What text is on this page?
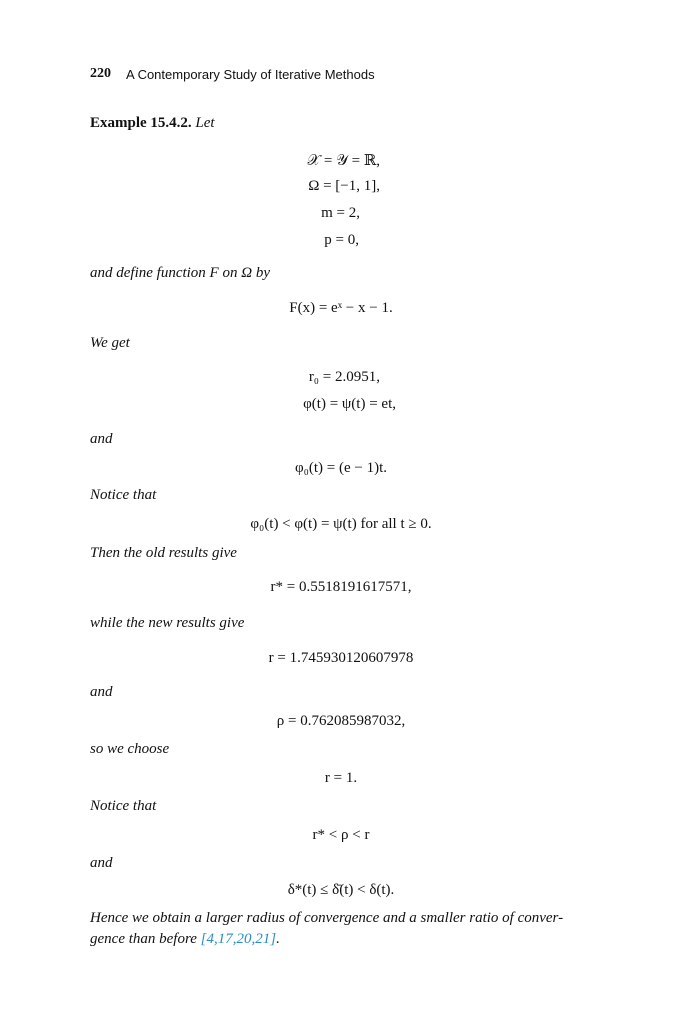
220 A Contemporary Study of Iterative Methods
Example 15.4.2. Let
𝒳 = 𝒴 = ℝ,
Ω = [−1, 1],
m = 2,
p = 0,
and define function F on Ω by
F(x) = eˣ − x − 1.
We get
r₀ = 2.0951,
φ(t) = ψ(t) = et,
and
φ₀(t) = (e − 1)t.
Notice that
φ₀(t) < φ(t) = ψ(t) for all t ≥ 0.
Then the old results give
r* = 0.5518191617571,
while the new results give
r = 1.745930120607978
and
ρ = 0.762085987032,
so we choose
r = 1.
Notice that
r* < ρ < r
and
δ*(t) ≤ δ̄(t) < δ(t).
Hence we obtain a larger radius of convergence and a smaller ratio of conver-
gence than before [4,17,20,21].
